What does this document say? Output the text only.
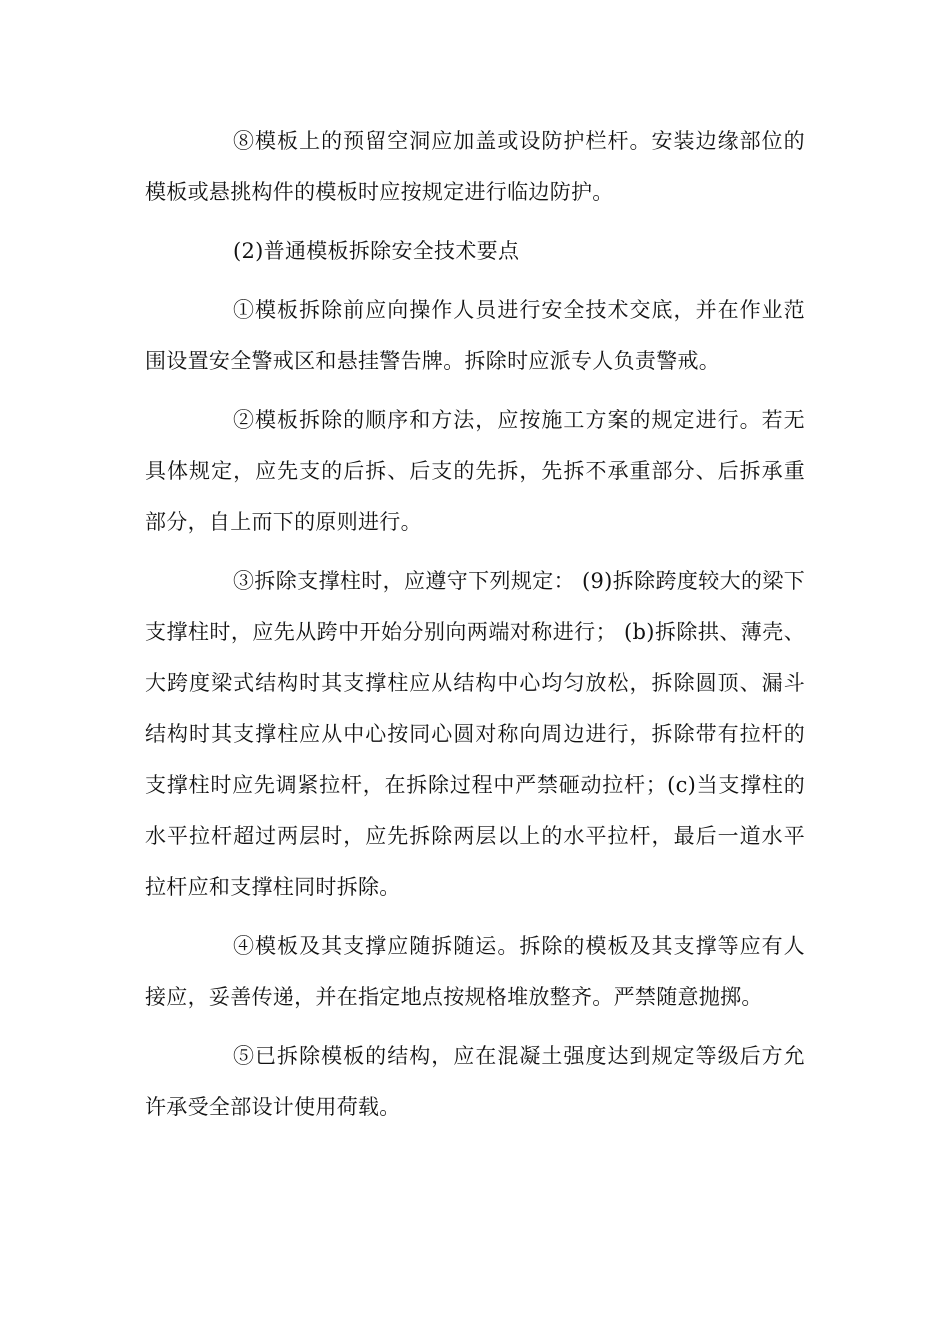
⑧模板上的预留空洞应加盖或设防护栏杆。安装边缘部位的模板或悬挑构件的模板时应按规定进行临边防护。

(2)普通模板拆除安全技术要点

①模板拆除前应向操作人员进行安全技术交底，并在作业范围设置安全警戒区和悬挂警告牌。拆除时应派专人负责警戒。

②模板拆除的顺序和方法，应按施工方案的规定进行。若无具体规定，应先支的后拆、后支的先拆，先拆不承重部分、后拆承重部分，自上而下的原则进行。

③拆除支撑柱时，应遵守下列规定： (9)拆除跨度较大的梁下支撑柱时，应先从跨中开始分别向两端对称进行； (b)拆除拱、薄壳、大跨度梁式结构时其支撑柱应从结构中心均匀放松，拆除圆顶、漏斗结构时其支撑柱应从中心按同心圆对称向周边进行，拆除带有拉杆的支撑柱时应先调紧拉杆，在拆除过程中严禁砸动拉杆；(c)当支撑柱的水平拉杆超过两层时，应先拆除两层以上的水平拉杆，最后一道水平拉杆应和支撑柱同时拆除。

④模板及其支撑应随拆随运。拆除的模板及其支撑等应有人接应，妥善传递，并在指定地点按规格堆放整齐。严禁随意抛掷。

⑤已拆除模板的结构，应在混凝土强度达到规定等级后方允许承受全部设计使用荷载。
